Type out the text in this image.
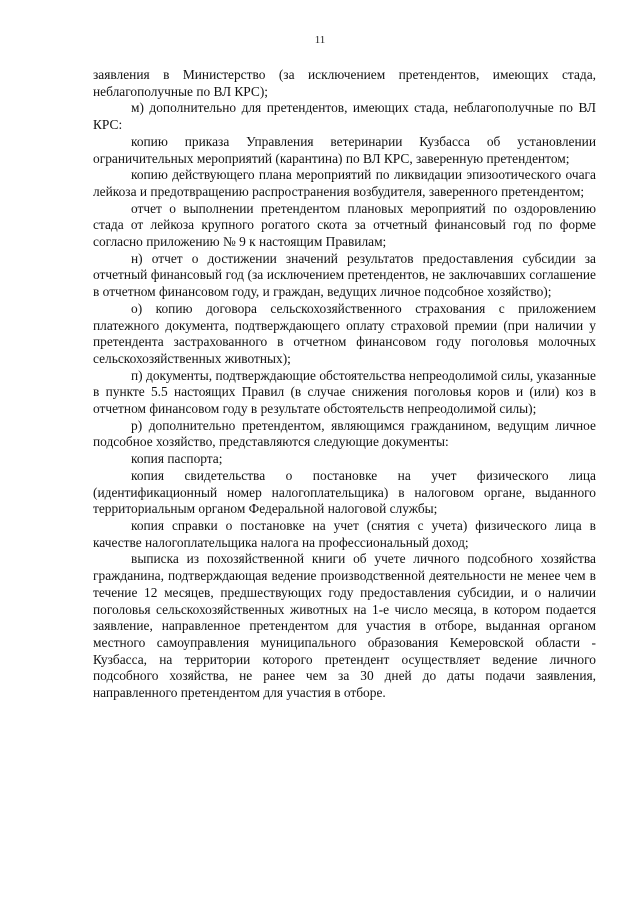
11

заявления в Министерство (за исключением претендентов, имеющих стада, неблагополучные по ВЛ КРС);

м) дополнительно для претендентов, имеющих стада, неблагополучные по ВЛ КРС:

копию приказа Управления ветеринарии Кузбасса об установлении ограничительных мероприятий (карантина) по ВЛ КРС, заверенную претендентом;

копию действующего плана мероприятий по ликвидации эпизоотического очага лейкоза и предотвращению распространения возбудителя, заверенного претендентом;

отчет о выполнении претендентом плановых мероприятий по оздоровлению стада от лейкоза крупного рогатого скота за отчетный финансовый год по форме согласно приложению № 9 к настоящим Правилам;

н) отчет о достижении значений результатов предоставления субсидии за отчетный финансовый год (за исключением претендентов, не заключавших соглашение в отчетном финансовом году, и граждан, ведущих личное подсобное хозяйство);

о) копию договора сельскохозяйственного страхования с приложением платежного документа, подтверждающего оплату страховой премии (при наличии у претендента застрахованного в отчетном финансовом году поголовья молочных сельскохозяйственных животных);

п) документы, подтверждающие обстоятельства непреодолимой силы, указанные в пункте 5.5 настоящих Правил (в случае снижения поголовья коров и (или) коз в отчетном финансовом году в результате обстоятельств непреодолимой силы);

р) дополнительно претендентом, являющимся гражданином, ведущим личное подсобное хозяйство, представляются следующие документы:

копия паспорта;

копия свидетельства о постановке на учет физического лица (идентификационный номер налогоплательщика) в налоговом органе, выданного территориальным органом Федеральной налоговой службы;

копия справки о постановке на учет (снятия с учета) физического лица в качестве налогоплательщика налога на профессиональный доход;

выписка из похозяйственной книги об учете личного подсобного хозяйства гражданина, подтверждающая ведение производственной деятельности не менее чем в течение 12 месяцев, предшествующих году предоставления субсидии, и о наличии поголовья сельскохозяйственных животных на 1-е число месяца, в котором подается заявление, направленное претендентом для участия в отборе, выданная органом местного самоуправления муниципального образования Кемеровской области - Кузбасса, на территории которого претендент осуществляет ведение личного подсобного хозяйства, не ранее чем за 30 дней до даты подачи заявления, направленного претендентом для участия в отборе.
